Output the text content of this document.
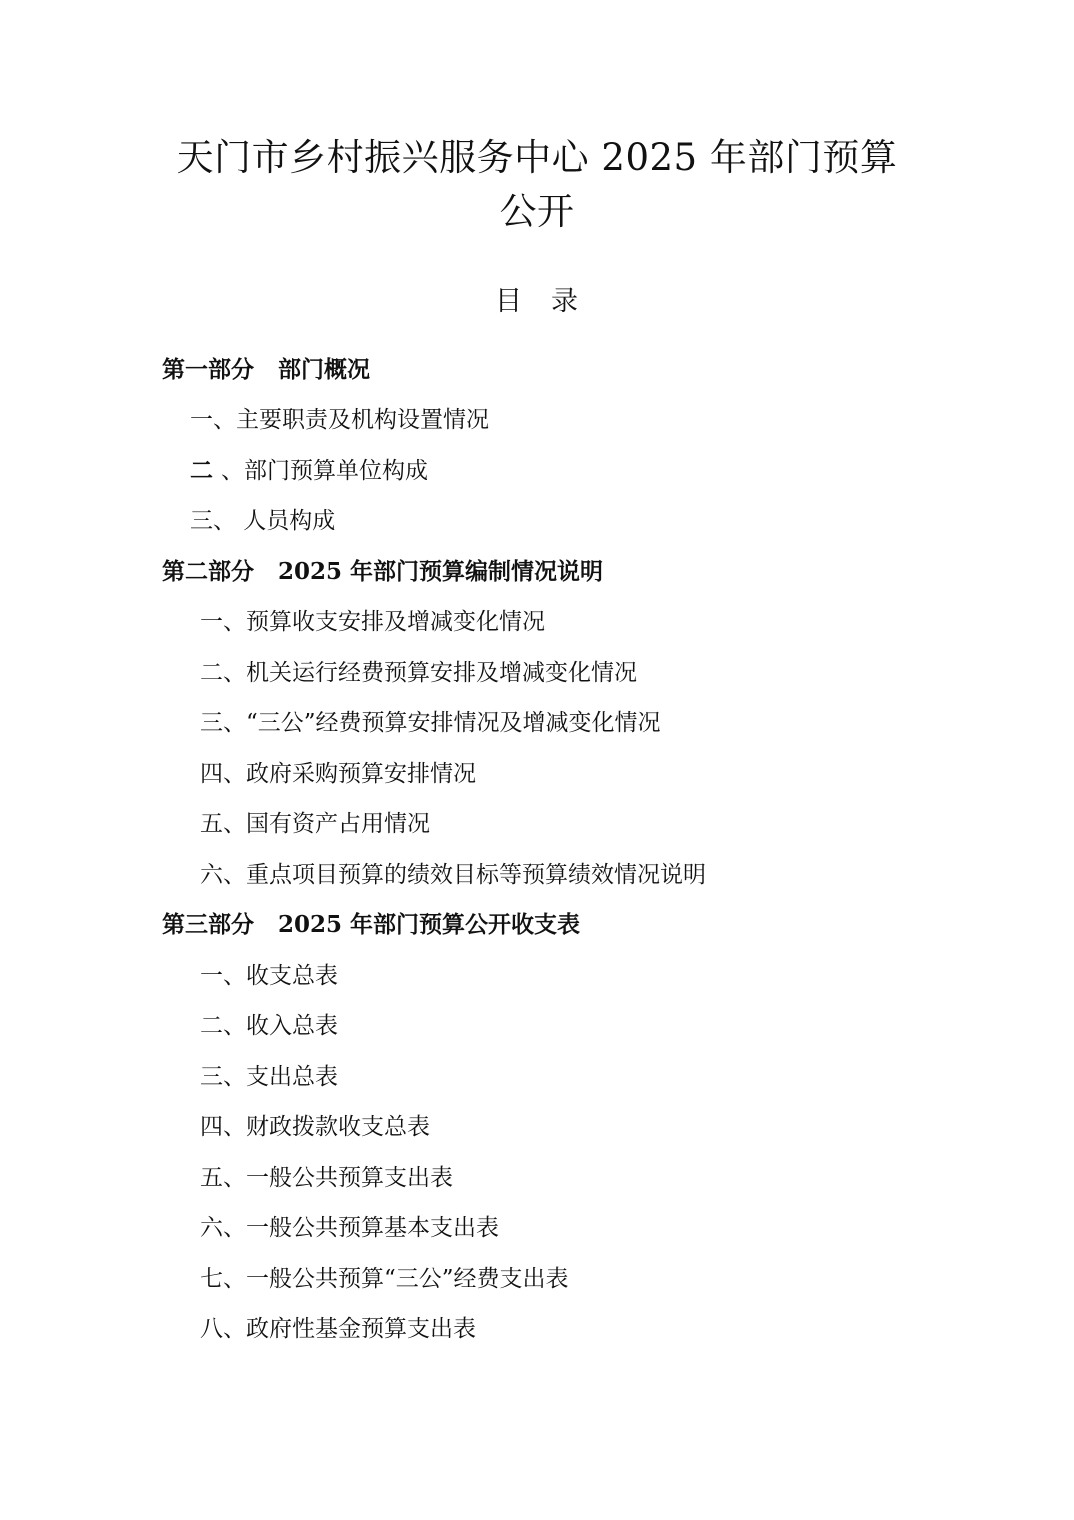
天门市乡村振兴服务中心 2025 年部门预算
公开
目 录
第一部分 部门概况
一、主要职责及机构设置情况
二 、部门预算单位构成
三、 人员构成
第二部分 2025 年部门预算编制情况说明
一、预算收支安排及增减变化情况
二、机关运行经费预算安排及增减变化情况
三、“三公”经费预算安排情况及增减变化情况
四、政府采购预算安排情况
五、国有资产占用情况
六、重点项目预算的绩效目标等预算绩效情况说明
第三部分 2025 年部门预算公开收支表
一、收支总表
二、收入总表
三、支出总表
四、财政拨款收支总表
五、一般公共预算支出表
六、一般公共预算基本支出表
七、一般公共预算“三公”经费支出表
八、政府性基金预算支出表
